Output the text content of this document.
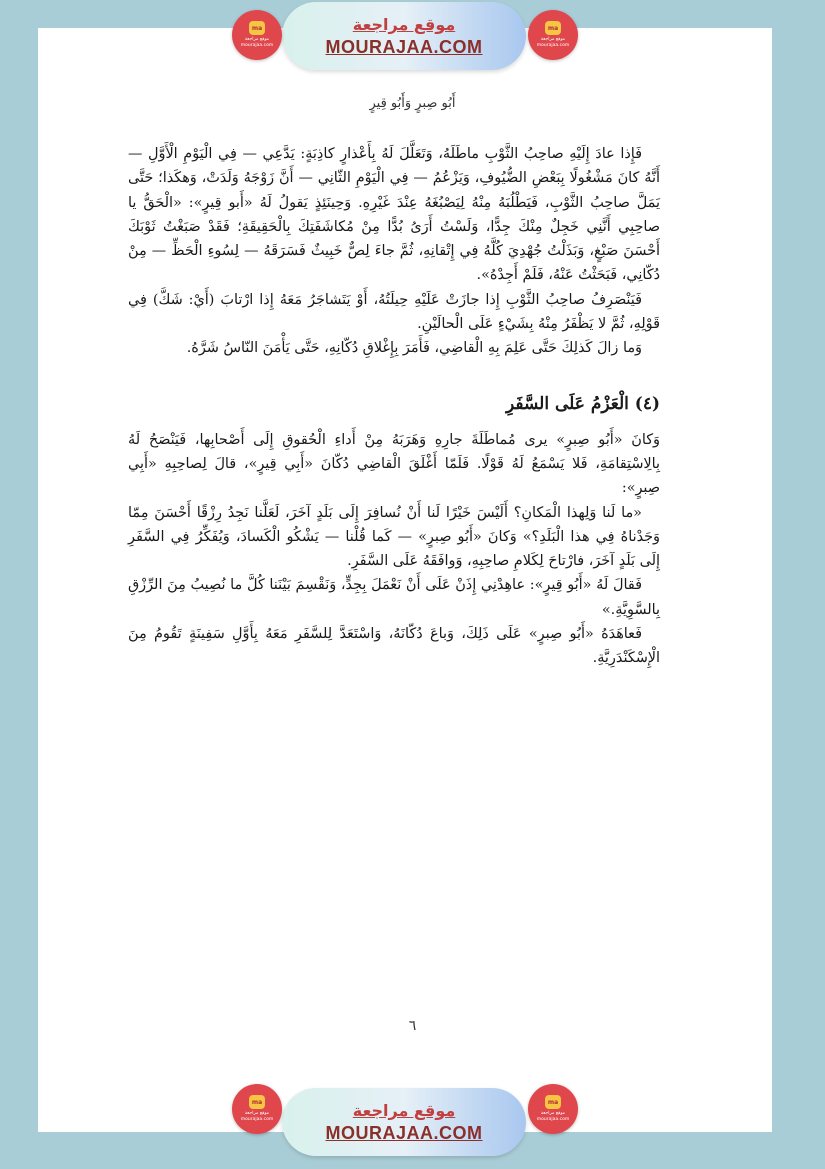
موقع مراجعة
MOURAJAA.COM
ma
موقع مراجعة
mourajaa.com
ma
موقع مراجعة
mourajaa.com
أَبُو صِبرٍ وَأَبُو قِيرٍ

فَإِذا عادَ إِلَيْهِ صاحِبُ الثَّوْبِ ماطَلَهُ، وَتَعَلَّلَ لَهُ بِأَعْذارٍ كاذِبَةٍ: يَدَّعِي — فِي الْيَوْمِ الْأَوَّلِ — أَنَّهُ كانَ مَشْغُولًا بِبَعْضِ الضُّيُوفِ، وَيَزْعُمُ — فِي الْيَوْمِ الثّانِي — أَنَّ زَوْجَهُ وَلَدَتْ، وَهكَذا؛ حَتَّى يَمَلَّ صاحِبُ الثَّوْبِ، فَيَطْلُبَهُ مِنْهُ لِيَصْبُغَهُ عِنْدَ غَيْرِهِ. وَحِينَئِذٍ يَقولُ لَهُ «أَبو قِيرٍ»: «الْحَقُّ يا صاحِبِي أَنَّنِي خَجِلٌ مِنْكَ جِدًّا، وَلَسْتُ أَرَىُ بُدًّا مِنْ مُكاشَفَتِكَ بِالْحَقِيقَةِ؛ فَقَدْ صَبَغْتُ ثَوْبَكَ أَحْسَنَ صَبْغٍ، وَبَذَلْتُ جُهْدِيَ كُلَّهُ فِي إِتْقانِهِ، ثُمَّ جاءَ لِصٌّ خَبِيثٌ فَسَرَقَهُ — لِسُوءِ الْحَظِّ — مِنْ دُكّانِي، فَبَحَثْتُ عَنْهُ، فَلَمْ أَجِدْهُ».

فَيَنْصَرِفُ صاحِبُ الثَّوْبِ إِذا جازَتْ عَلَيْهِ حِيلَتُهُ، أَوْ يَتَشاجَرُ مَعَهُ إِذا ارْتابَ (أَيْ: شَكَّ) فِي قَوْلِهِ، ثُمَّ لا يَظْفَرُ مِنْهُ بِشَيْءٍ عَلَى الْحالَيْنِ.

وَما زالَ كَذلِكَ حَتَّى عَلِمَ بِهِ الْقاضِي، فَأَمَرَ بِإِغْلاقِ دُكّانِهِ، حَتَّى يَأْمَنَ النّاسُ شَرَّهُ.

(٤) الْعَزْمُ عَلَى السَّفَرِ

وَكانَ «أَبُو صِبرٍ» يرى مُماطَلَةَ جارِهِ وَهَرَبَهُ مِنْ أَداءِ الْحُقوقِ إِلَى أَصْحابِها، فَيَنْصَحُ لَهُ بِالِاسْتِقامَةِ، فَلا يَسْمَعُ لَهُ قَوْلًا. فَلَمّا أَغْلَقَ الْقاضِي دُكّانَ «أَبِي قِيرٍ»، قالَ لِصاحِبِهِ «أَبِي صِبرٍ»:

«ما لَنا وَلِهذا الْمَكانِ؟ أَلَيْسَ خَيْرًا لَنا أَنْ نُسافِرَ إِلَى بَلَدٍ آخَرَ، لَعَلَّنا نَجِدُ رِزْقًا أَحْسَنَ مِمّا وَجَدْناهُ فِي هذا الْبَلَدِ؟» وَكانَ «أَبُو صِبرٍ» — كَما قُلْنا — يَشْكُو الْكَسادَ، وَيُفَكِّرُ فِي السَّفَرِ إِلَى بَلَدٍ آخَرَ، فارْتاحَ لِكَلامِ صاحِبِهِ، وَوافَقَهُ عَلَى السَّفَرِ.

فَقالَ لَهُ «أَبُو قِيرٍ»: عاهِدْنِي إِذَنْ عَلَى أَنْ نَعْمَلَ بِجِدٍّ، وَنَقْسِمَ بَيْنَنا كُلَّ ما نُصِيبُ مِنَ الرِّزْقِ بِالسَّوِيَّةِ.»

فَعاهَدَهُ «أَبُو صِبرٍ» عَلَى ذَلِكَ، وَباعَ دُكّانَهُ، وَاسْتَعَدَّ لِلسَّفَرِ مَعَهُ بِأَوَّلِ سَفِينَةٍ تَقُومُ مِنَ الْإِسْكَنْدَرِيَّةِ.

٦
موقع مراجعة
MOURAJAA.COM
ma
موقع مراجعة
mourajaa.com
ma
موقع مراجعة
mourajaa.com
